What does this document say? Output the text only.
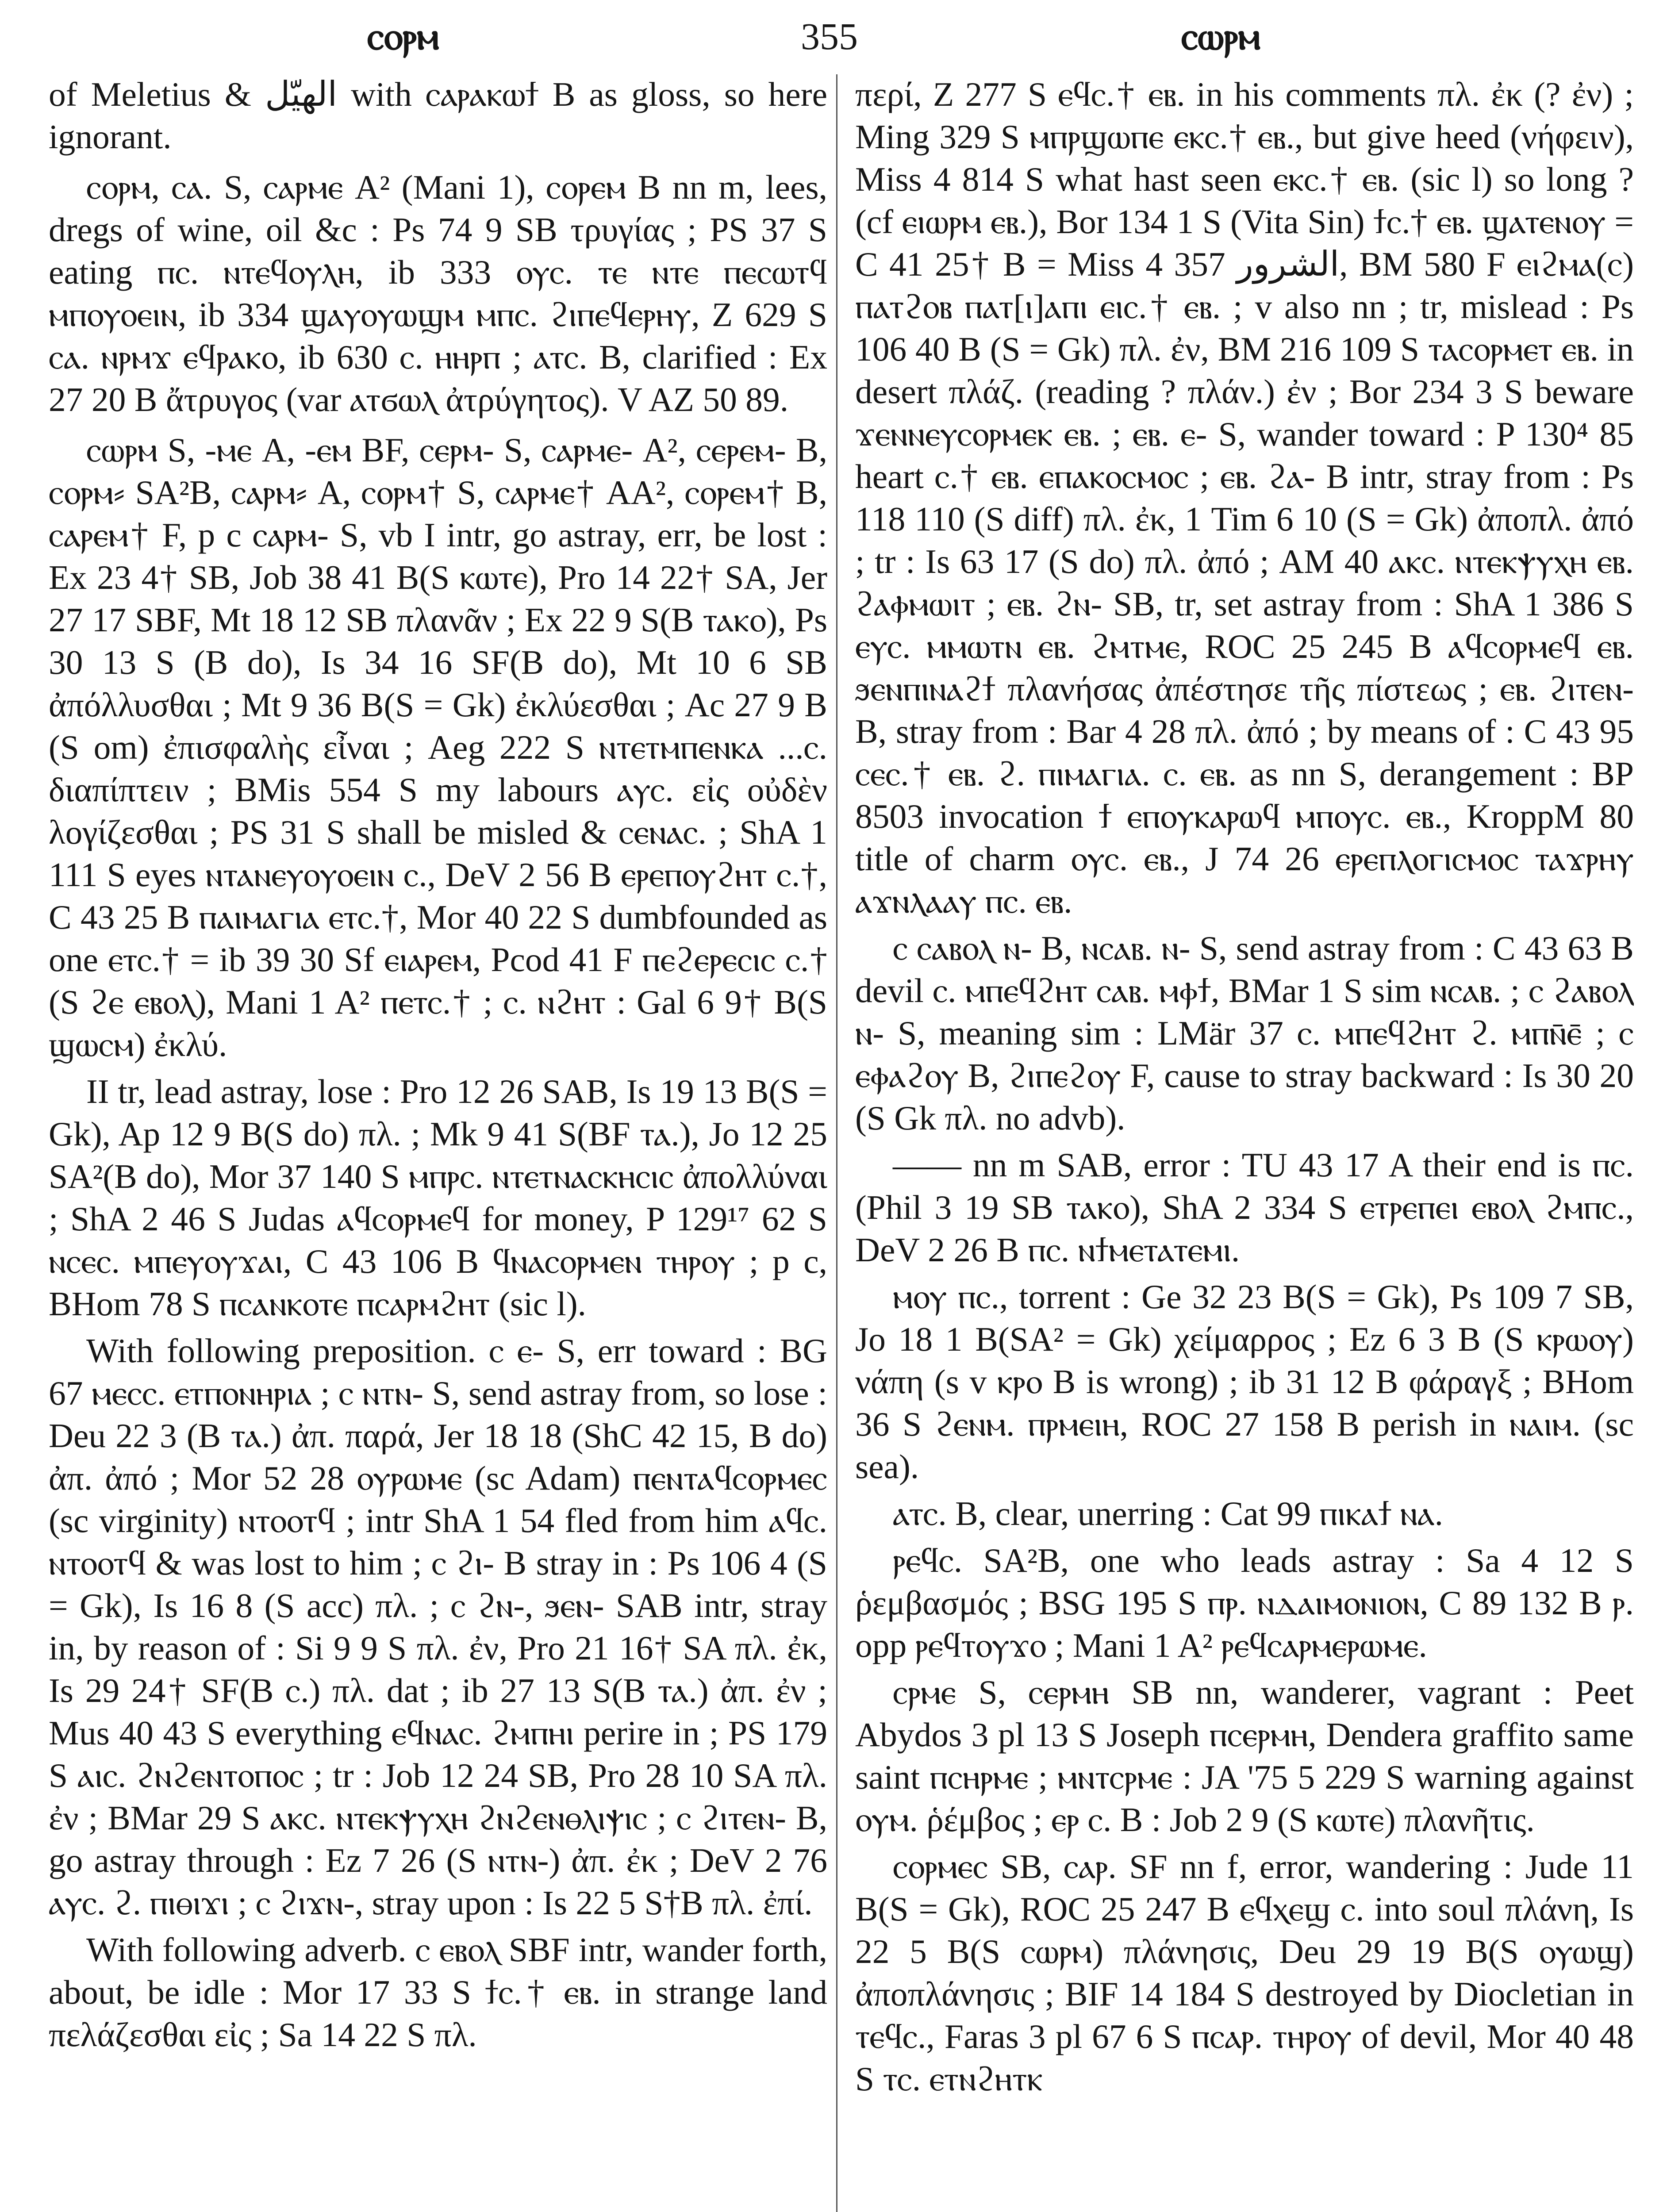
ⲥⲟⲣⲙ	355	ⲥⲱⲣⲙ

of Meletius & الهيّل with ⲥⲁⲣⲁⲕⲱϯ B as gloss, so here ignorant.

ⲥⲟⲣⲙ, ⲥⲁ. S, ⲥⲁⲣⲙⲉ A² (Mani 1), ⲥⲟⲣⲉⲙ B nn m, lees, dregs of wine, oil &c : Ps 74 9 SB τρυγίας ; PS 37 S eating ⲡⲥ. ⲛⲧⲉϥⲟⲩⲗⲏ, ib 333 ⲟⲩⲥ. ⲧⲉ ⲛⲧⲉ ⲡⲉⲥⲱⲧϥ ⲙⲡⲟⲩⲟⲉⲓⲛ, ib 334 ϣⲁⲩⲟⲩⲱϣⲙ ⲙⲡⲥ. ϩⲓⲡⲉϥⲉⲣⲏⲩ, Z 629 S ⲥⲁ. ⲛⲣⲙϫ ⲉϥⲣⲁⲕⲟ, ib 630 ⲥ. ⲏⲏⲣⲡ ; ⲁⲧⲥ. B, clarified : Ex 27 20 B ἄτρυγος (var ⲁⲧϭⲱⲗ ἀτρύγητος). V AZ 50 89.

ⲥⲱⲣⲙ S, -ⲙⲉ A, -ⲉⲙ BF, ⲥⲉⲣⲙ- S, ⲥⲁⲣⲙⲉ- A², ⲥⲉⲣⲉⲙ- B, ⲥⲟⲣⲙ⸗ SA²B, ⲥⲁⲣⲙ⸗ A, ⲥⲟⲣⲙ† S, ⲥⲁⲣⲙⲉ† AA², ⲥⲟⲣⲉⲙ† B, ⲥⲁⲣⲉⲙ† F, p c ⲥⲁⲣⲙ- S, vb I intr, go astray, err, be lost : Ex 23 4† SB, Job 38 41 B(S ⲕⲱⲧⲉ), Pro 14 22† SA, Jer 27 17 SBF, Mt 18 12 SB πλανᾶν ; Ex 22 9 S(B ⲧⲁⲕⲟ), Ps 30 13 S (B do), Is 34 16 SF(B do), Mt 10 6 SB ἀπόλλυσθαι ; Mt 9 36 B(S = Gk) ἐκλύεσθαι ; Ac 27 9 B (S om) ἐπισφαλὴς εἶναι ; Aeg 222 S ⲛⲧⲉⲧⲙⲡⲉⲛⲕⲁ ...ⲥ. διαπίπτειν ; BMis 554 S my labours ⲁⲩⲥ. εἰς οὐδὲν λογίζεσθαι ; PS 31 S shall be misled & ⲥⲉⲛⲁⲥ. ; ShA 1 111 S eyes ⲛⲧⲁⲛⲉⲩⲟⲩⲟⲉⲓⲛ ⲥ., DeV 2 56 B ⲉⲣⲉⲡⲟⲩϩⲏⲧ ⲥ.†, C 43 25 B ⲡⲁⲓⲙⲁⲅⲓⲁ ⲉⲧⲥ.†, Mor 40 22 S dumbfounded as one ⲉⲧⲥ.† = ib 39 30 Sf ⲉⲓⲁⲣⲉⲙ, Pcod 41 F ⲡⲉϩⲉⲣⲉⲥⲓⲥ ⲥ.† (S ϩⲉ ⲉⲃⲟⲗ), Mani 1 A² ⲡⲉⲧⲥ.† ; ⲥ. ⲛϩⲏⲧ : Gal 6 9† B(S ϣⲱⲥⲙ) ἐκλύ.

II tr, lead astray, lose : Pro 12 26 SAB, Is 19 13 B(S = Gk), Ap 12 9 B(S do) πλ. ; Mk 9 41 S(BF ⲧⲁ.), Jo 12 25 SA²(B do), Mor 37 140 S ⲙⲡⲣⲥ. ⲛⲧⲉⲧⲛⲁⲥⲕⲏⲥⲓⲥ ἀπολλύναι ; ShA 2 46 S Judas ⲁϥⲥⲟⲣⲙⲉϥ for money, P 129¹⁷ 62 S ⲛⲥⲉⲥ. ⲙⲡⲉⲩⲟⲩϫⲁⲓ, C 43 106 B ϥⲛⲁⲥⲟⲣⲙⲉⲛ ⲧⲏⲣⲟⲩ ; p c, BHom 78 S ⲡⲥⲁⲛⲕⲟⲧⲉ ⲡⲥⲁⲣⲙϩⲏⲧ (sic l).

With following preposition. ⲥ ⲉ- S, err toward : BG 67 ⲙⲉⲥⲥ. ⲉⲧⲡⲟⲛⲏⲣⲓⲁ ; ⲥ ⲛⲧⲛ- S, send astray from, so lose : Deu 22 3 (B ⲧⲁ.) ἀπ. παρά, Jer 18 18 (ShC 42 15, B do) ἀπ. ἀπό ; Mor 52 28 ⲟⲩⲣⲱⲙⲉ (sc Adam) ⲡⲉⲛⲧⲁϥⲥⲟⲣⲙⲉⲥ (sc virginity) ⲛⲧⲟⲟⲧϥ ; intr ShA 1 54 fled from him ⲁϥⲥ. ⲛⲧⲟⲟⲧϥ & was lost to him ; ⲥ ϩⲓ- B stray in : Ps 106 4 (S = Gk), Is 16 8 (S acc) πλ. ; ⲥ ϩⲛ-, ϧⲉⲛ- SAB intr, stray in, by reason of : Si 9 9 S πλ. ἐν, Pro 21 16† SA πλ. ἐκ, Is 29 24† SF(B ⲥ.) πλ. dat ; ib 27 13 S(B ⲧⲁ.) ἀπ. ἐν ; Mus 40 43 S everything ⲉϥⲛⲁⲥ. ϩⲙⲡⲏⲓ perire in ; PS 179 S ⲁⲓⲥ. ϩⲛϩⲉⲛⲧⲟⲡⲟⲥ ; tr : Job 12 24 SB, Pro 28 10 SA πλ. ἐν ; BMar 29 S ⲁⲕⲥ. ⲛⲧⲉⲕⲯⲩⲭⲏ ϩⲛϩⲉⲛⲑⲗⲓⲯⲓⲥ ; ⲥ ϩⲓⲧⲉⲛ- B, go astray through : Ez 7 26 (S ⲛⲧⲛ-) ἀπ. ἐκ ; DeV 2 76 ⲁⲩⲥ. ϩ. ⲡⲓⲑⲓϫⲓ ; ⲥ ϩⲓϫⲛ-, stray upon : Is 22 5 S†B πλ. ἐπί.

With following adverb. ⲥ ⲉⲃⲟⲗ SBF intr, wander forth, about, be idle : Mor 17 33 S ϯⲥ.† ⲉⲃ. in strange land πελάζεσθαι εἰς ; Sa 14 22 S πλ.

περί, Z 277 S ⲉϥⲥ.† ⲉⲃ. in his comments πλ. ἐκ (? ἐν) ; Ming 329 S ⲙⲡⲣϣⲱⲡⲉ ⲉⲕⲥ.† ⲉⲃ., but give heed (νήφειν), Miss 4 814 S what hast seen ⲉⲕⲥ.† ⲉⲃ. (sic l) so long ? (cf ⲉⲓⲱⲣⲙ ⲉⲃ.), Bor 134 1 S (Vita Sin) ϯⲥ.† ⲉⲃ. ϣⲁⲧⲉⲛⲟⲩ = C 41 25† B = Miss 4 357 الشرور, BM 580 F ⲉⲓϩⲙⲁ(ⲥ) ⲡⲁⲧϩⲟⲃ ⲡⲁⲧ[ⲓ]ⲁⲡⲓ ⲉⲓⲥ.† ⲉⲃ. ; v also nn ; tr, mislead : Ps 106 40 B (S = Gk) πλ. ἐν, BM 216 109 S ⲧⲁⲥⲟⲣⲙⲉⲧ ⲉⲃ. in desert πλάζ. (reading ? πλάν.) ἐν ; Bor 234 3 S beware ϫⲉⲛⲛⲉⲩⲥⲟⲣⲙⲉⲕ ⲉⲃ. ; ⲉⲃ. ⲉ- S, wander toward : P 130⁴ 85 heart ⲥ.† ⲉⲃ. ⲉⲡⲁⲕⲟⲥⲙⲟⲥ ; ⲉⲃ. ϩⲁ- B intr, stray from : Ps 118 110 (S diff) πλ. ἐκ, 1 Tim 6 10 (S = Gk) ἀποπλ. ἀπό ; tr : Is 63 17 (S do) πλ. ἀπό ; AM 40 ⲁⲕⲥ. ⲛⲧⲉⲕⲯⲩⲭⲏ ⲉⲃ. ϩⲁⲫⲙⲱⲓⲧ ; ⲉⲃ. ϩⲛ- SB, tr, set astray from : ShA 1 386 S ⲉⲩⲥ. ⲙⲙⲱⲧⲛ ⲉⲃ. ϩⲙⲧⲙⲉ, ROC 25 245 B ⲁϥⲥⲟⲣⲙⲉϥ ⲉⲃ. ϧⲉⲛⲡⲓⲛⲁϩϯ πλανήσας ἀπέστησε τῆς πίστεως ; ⲉⲃ. ϩⲓⲧⲉⲛ- B, stray from : Bar 4 28 πλ. ἀπό ; by means of : C 43 95 ⲥⲉⲥ.† ⲉⲃ. ϩ. ⲡⲓⲙⲁⲅⲓⲁ. ⲥ. ⲉⲃ. as nn S, derangement : BP 8503 invocation ϯ ⲉⲡⲟⲩⲕⲁⲣⲱϥ ⲙⲡⲟⲩⲥ. ⲉⲃ., KroppM 80 title of charm ⲟⲩⲥ. ⲉⲃ., J 74 26 ⲉⲣⲉⲡⲗⲟⲅⲓⲥⲙⲟⲥ ⲧⲁϫⲣⲏⲩ ⲁϫⲛⲗⲁⲁⲩ ⲡⲥ. ⲉⲃ.

ⲥ ⲥⲁⲃⲟⲗ ⲛ- B, ⲛⲥⲁⲃ. ⲛ- S, send astray from : C 43 63 B devil ⲥ. ⲙⲡⲉϥϩⲏⲧ ⲥⲁⲃ. ⲙⲫϯ, BMar 1 S sim ⲛⲥⲁⲃ. ; ⲥ ϩⲁⲃⲟⲗ ⲛ- S, meaning sim : LMär 37 ⲥ. ⲙⲡⲉϥϩⲏⲧ ϩ. ⲙⲡⲛ̄ⲉ̄ ; ⲥ ⲉⲫⲁϩⲟⲩ B, ϩⲓⲡⲉϩⲟⲩ F, cause to stray backward : Is 30 20 (S Gk πλ. no advb).

—— nn m SAB, error : TU 43 17 A their end is ⲡⲥ. (Phil 3 19 SB ⲧⲁⲕⲟ), ShA 2 334 S ⲉⲧⲣⲉⲡⲉⲓ ⲉⲃⲟⲗ ϩⲙⲡⲥ., DeV 2 26 B ⲡⲥ. ⲛϯⲙⲉⲧⲁⲧⲉⲙⲓ.

ⲙⲟⲩ ⲡⲥ., torrent : Ge 32 23 B(S = Gk), Ps 109 7 SB, Jo 18 1 B(SA² = Gk) χείμαρρος ; Ez 6 3 B (S ⲕⲣⲱⲟⲩ) νάπη (s v ⲕⲣⲟ B is wrong) ; ib 31 12 B φάραγξ ; BHom 36 S ϩⲉⲛⲙ. ⲡⲣⲙⲉⲓⲏ, ROC 27 158 B perish in ⲛⲁⲓⲙ. (sc sea).

ⲁⲧⲥ. B, clear, unerring : Cat 99 ⲡⲓⲕⲁϯ ⲛⲁ.

ⲣⲉϥⲥ. SA²B, one who leads astray : Sa 4 12 S ῥεμβασμός ; BSG 195 S ⲡⲣ. ⲛⲇⲁⲓⲙⲟⲛⲓⲟⲛ, C 89 132 B ⲣ. opp ⲣⲉϥⲧⲟⲩϫⲟ ; Mani 1 A² ⲣⲉϥⲥⲁⲣⲙⲉⲣⲱⲙⲉ.

ⲥⲣⲙⲉ S, ⲥⲉⲣⲙⲏ SB nn, wanderer, vagrant : Peet Abydos 3 pl 13 S Joseph ⲡⲥⲉⲣⲙⲏ, Dendera graffito same saint ⲡⲥⲏⲣⲙⲉ ; ⲙⲛⲧⲥⲣⲙⲉ : JA '75 5 229 S warning against ⲟⲩⲙ. ῥέμβος ; ⲉⲣ ⲥ. B : Job 2 9 (S ⲕⲱⲧⲉ) πλανῆτις.

ⲥⲟⲣⲙⲉⲥ SB, ⲥⲁⲣ. SF nn f, error, wandering : Jude 11 B(S = Gk), ROC 25 247 B ⲉϥⲭⲉϣ ⲥ. into soul πλάνη, Is 22 5 B(S ⲥⲱⲣⲙ) πλάνησις, Deu 29 19 B(S ⲟⲩⲱϣ) ἀποπλάνησις ; BIF 14 184 S destroyed by Diocletian in ⲧⲉϥⲥ., Faras 3 pl 67 6 S ⲡⲥⲁⲣ. ⲧⲏⲣⲟⲩ of devil, Mor 40 48 S ⲧⲥ. ⲉⲧⲛϩⲏⲧⲕ
